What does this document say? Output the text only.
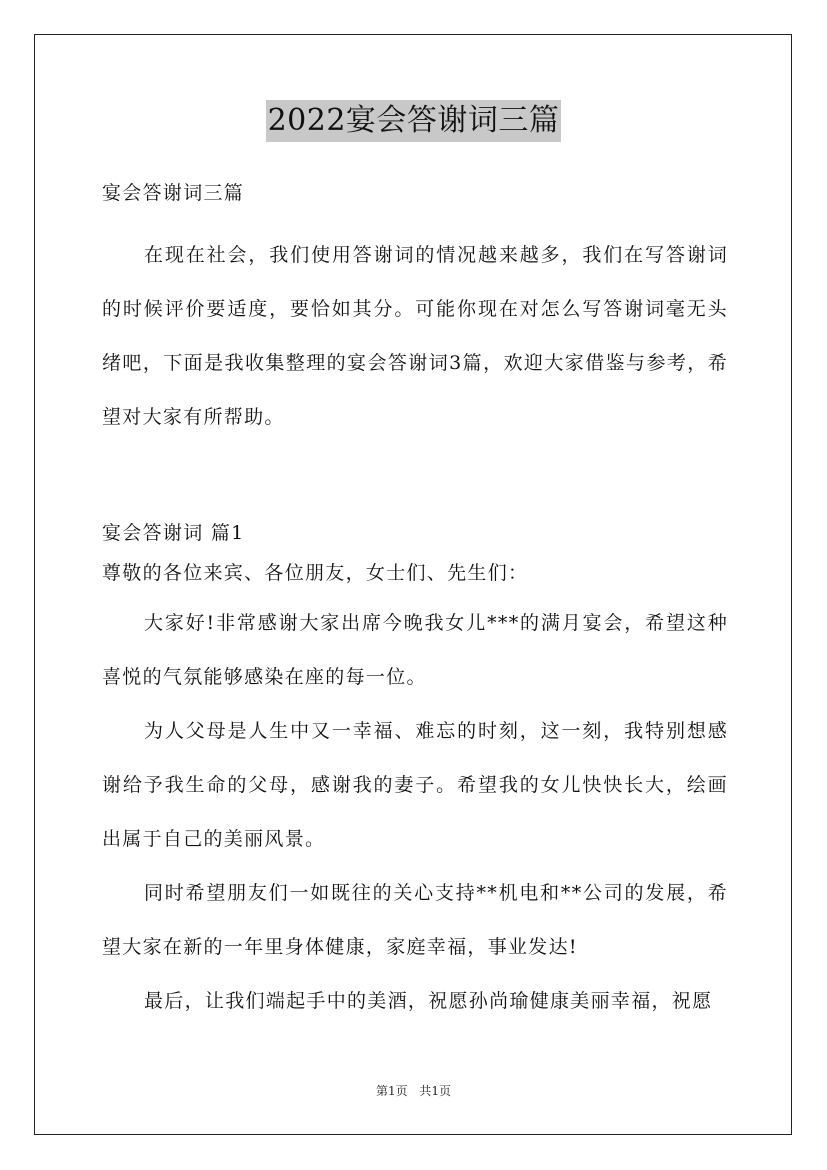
2022宴会答谢词三篇
宴会答谢词三篇
在现在社会，我们使用答谢词的情况越来越多，我们在写答谢词的时候评价要适度，要恰如其分。可能你现在对怎么写答谢词毫无头绪吧，下面是我收集整理的宴会答谢词3篇，欢迎大家借鉴与参考，希望对大家有所帮助。
宴会答谢词 篇1
尊敬的各位来宾、各位朋友，女士们、先生们：
大家好!非常感谢大家出席今晚我女儿***的满月宴会，希望这种喜悦的气氛能够感染在座的每一位。
为人父母是人生中又一幸福、难忘的时刻，这一刻，我特别想感谢给予我生命的父母，感谢我的妻子。希望我的女儿快快长大，绘画出属于自己的美丽风景。
同时希望朋友们一如既往的关心支持**机电和**公司的发展，希望大家在新的一年里身体健康，家庭幸福，事业发达!
最后，让我们端起手中的美酒，祝愿孙尚瑜健康美丽幸福，祝愿
第1页 共1页
